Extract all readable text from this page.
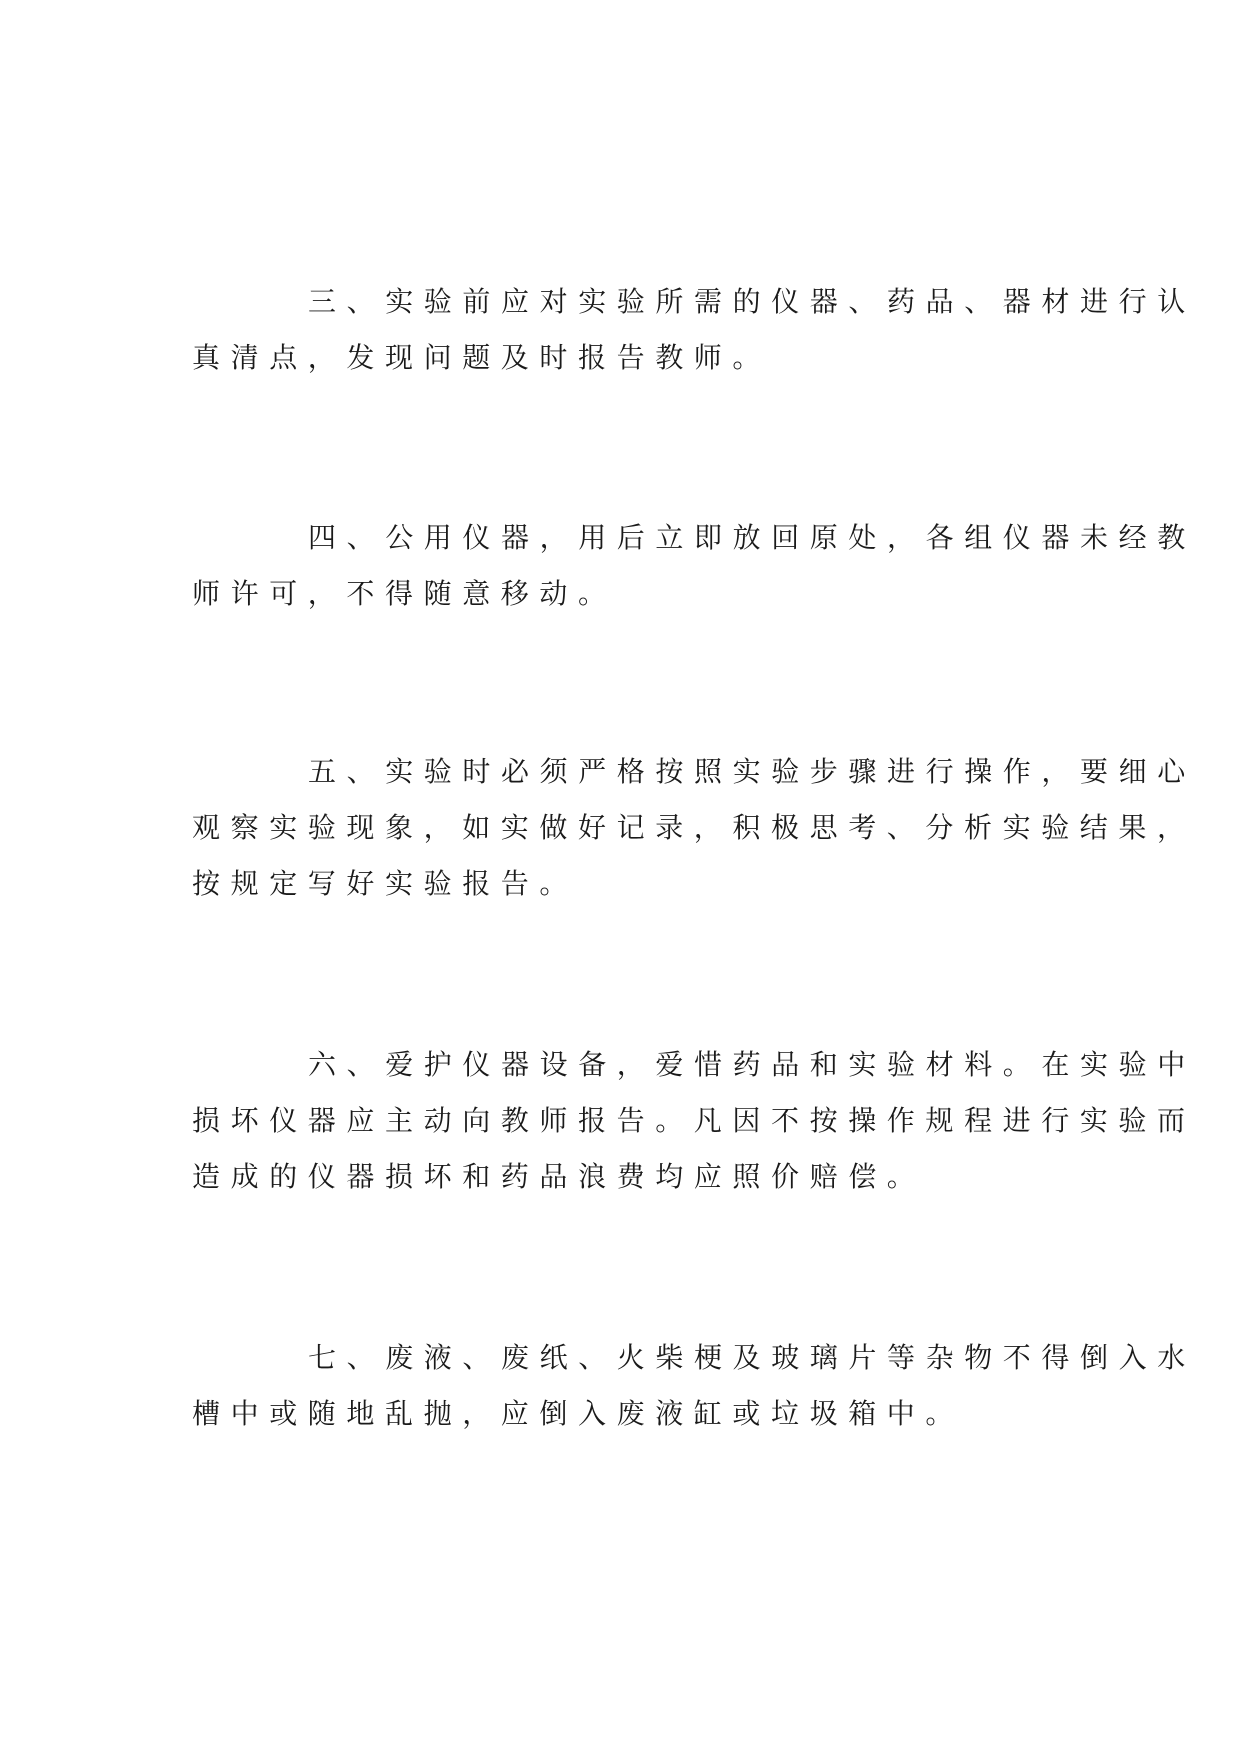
三、实验前应对实验所需的仪器、药品、器材进行认
真清点，发现问题及时报告教师。

四、公用仪器，用后立即放回原处，各组仪器未经教
师许可，不得随意移动。

五、实验时必须严格按照实验步骤进行操作，要细心
观察实验现象，如实做好记录，积极思考、分析实验结果，
按规定写好实验报告。

六、爱护仪器设备，爱惜药品和实验材料。在实验中
损坏仪器应主动向教师报告。凡因不按操作规程进行实验而
造成的仪器损坏和药品浪费均应照价赔偿。

七、废液、废纸、火柴梗及玻璃片等杂物不得倒入水
槽中或随地乱抛，应倒入废液缸或垃圾箱中。
